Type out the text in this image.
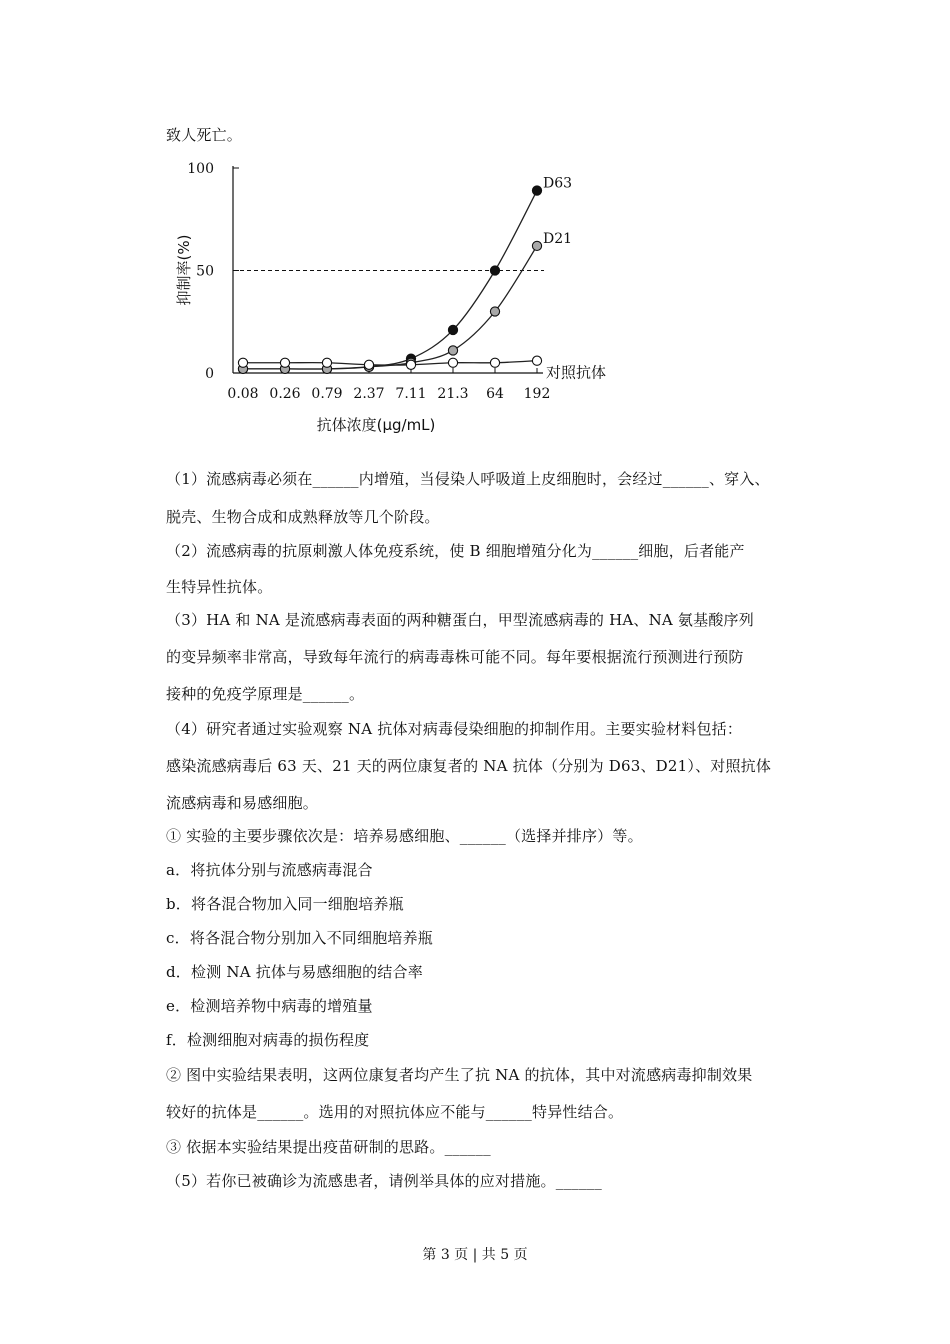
致人死亡。
0
50
100
0.08 0.26 0.79 2.37 7.11 21.3 64 192
D63
D21
对照抗体
抗体浓度(μg/mL)
抑制率(%)
（1）流感病毒必须在______内增殖，当侵染人呼吸道上皮细胞时，会经过______、穿入、
脱壳、生物合成和成熟释放等几个阶段。
（2）流感病毒的抗原刺激人体免疫系统，使 B 细胞增殖分化为______细胞，后者能产
生特异性抗体。
（3）HA 和 NA 是流感病毒表面的两种糖蛋白，甲型流感病毒的 HA、NA 氨基酸序列
的变异频率非常高，导致每年流行的病毒毒株可能不同。每年要根据流行预测进行预防
接种的免疫学原理是______。
（4）研究者通过实验观察 NA 抗体对病毒侵染细胞的抑制作用。主要实验材料包括：
感染流感病毒后 63 天、21 天的两位康复者的 NA 抗体（分别为 D63、D21）、对照抗体
流感病毒和易感细胞。
① 实验的主要步骤依次是：培养易感细胞、______（选择并排序）等。
a．将抗体分别与流感病毒混合
b．将各混合物加入同一细胞培养瓶
c．将各混合物分别加入不同细胞培养瓶
d．检测 NA 抗体与易感细胞的结合率
e．检测培养物中病毒的增殖量
f．检测细胞对病毒的损伤程度
② 图中实验结果表明，这两位康复者均产生了抗 NA 的抗体，其中对流感病毒抑制效果
较好的抗体是______。选用的对照抗体应不能与______特异性结合。
③ 依据本实验结果提出疫苗研制的思路。______
（5）若你已被确诊为流感患者，请例举具体的应对措施。______
第 3 页 | 共 5 页
